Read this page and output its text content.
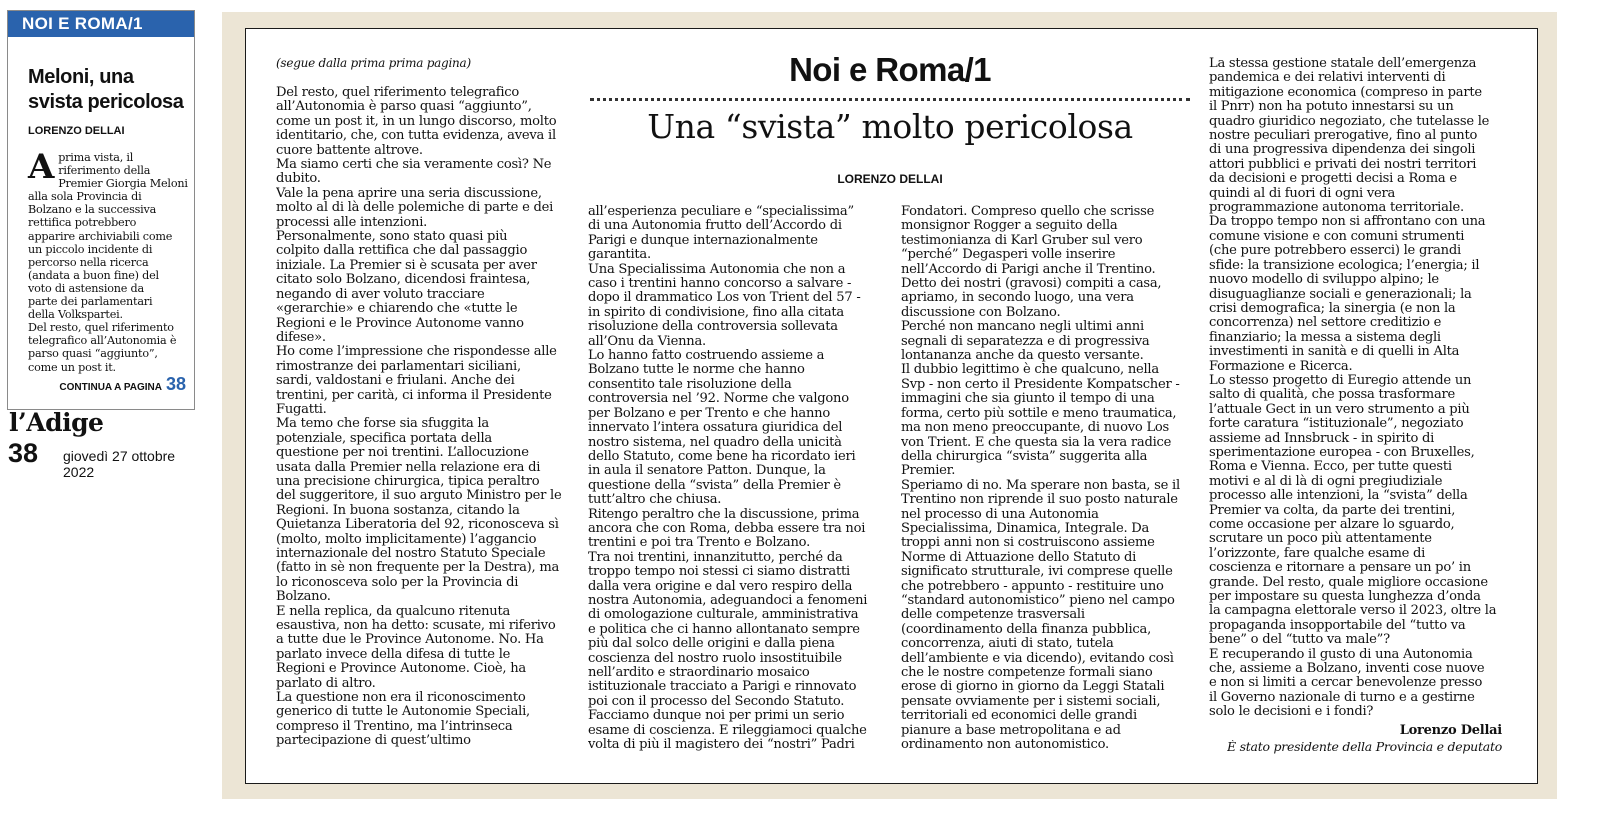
NOI E ROMA/1
Meloni, una svista pericolosa
LORENZO DELLAI
Aprima vista, il
riferimento della
Premier Giorgia Meloni
alla sola Provincia di
Bolzano e la successiva
rettifica potrebbero
apparire archiviabili come
un piccolo incidente di
percorso nella ricerca
(andata a buon fine) del
voto di astensione da
parte dei parlamentari
della Volkspartei.
Del resto, quel riferimento
telegrafico all’Autonomia è
parso quasi “aggiunto”,
come un post it.
CONTINUA A PAGINA 38
l’Adige
38 giovedì 27 ottobre 2022
(segue dalla prima prima pagina)
Del resto, quel riferimento telegrafico
all’Autonomia è parso quasi “aggiunto”,
come un post it, in un lungo discorso, molto
identitario, che, con tutta evidenza, aveva il
cuore battente altrove.
Ma siamo certi che sia veramente così? Ne
dubito.
Vale la pena aprire una seria discussione,
molto al di là delle polemiche di parte e dei
processi alle intenzioni.
Personalmente, sono stato quasi più
colpito dalla rettifica che dal passaggio
iniziale. La Premier si è scusata per aver
citato solo Bolzano, dicendosi fraintesa,
negando di aver voluto tracciare
«gerarchie» e chiarendo che «tutte le
Regioni e le Province Autonome vanno
difese».
Ho come l’impressione che rispondesse alle
rimostranze dei parlamentari siciliani,
sardi, valdostani e friulani. Anche dei
trentini, per carità, ci informa il Presidente
Fugatti.
Ma temo che forse sia sfuggita la
potenziale, specifica portata della
questione per noi trentini. L’allocuzione
usata dalla Premier nella relazione era di
una precisione chirurgica, tipica peraltro
del suggeritore, il suo arguto Ministro per le
Regioni. In buona sostanza, citando la
Quietanza Liberatoria del 92, riconosceva sì
(molto, molto implicitamente) l’aggancio
internazionale del nostro Statuto Speciale
(fatto in sè non frequente per la Destra), ma
lo riconosceva solo per la Provincia di
Bolzano.
E nella replica, da qualcuno ritenuta
esaustiva, non ha detto: scusate, mi riferivo
a tutte due le Province Autonome. No. Ha
parlato invece della difesa di tutte le
Regioni e Province Autonome. Cioè, ha
parlato di altro.
La questione non era il riconoscimento
generico di tutte le Autonomie Speciali,
compreso il Trentino, ma l’intrinseca
partecipazione di quest’ultimo
Noi e Roma/1
Una “svista” molto pericolosa
LORENZO DELLAI
all’esperienza peculiare e “specialissima”
di una Autonomia frutto dell’Accordo di
Parigi e dunque internazionalmente
garantita.
Una Specialissima Autonomia che non a
caso i trentini hanno concorso a salvare -
dopo il drammatico Los von Trient del 57 -
in spirito di condivisione, fino alla citata
risoluzione della controversia sollevata
all’Onu da Vienna.
Lo hanno fatto costruendo assieme a
Bolzano tutte le norme che hanno
consentito tale risoluzione della
controversia nel ’92. Norme che valgono
per Bolzano e per Trento e che hanno
innervato l’intera ossatura giuridica del
nostro sistema, nel quadro della unicità
dello Statuto, come bene ha ricordato ieri
in aula il senatore Patton. Dunque, la
questione della “svista” della Premier è
tutt’altro che chiusa.
Ritengo peraltro che la discussione, prima
ancora che con Roma, debba essere tra noi
trentini e poi tra Trento e Bolzano.
Tra noi trentini, innanzitutto, perché da
troppo tempo noi stessi ci siamo distratti
dalla vera origine e dal vero respiro della
nostra Autonomia, adeguandoci a fenomeni
di omologazione culturale, amministrativa
e politica che ci hanno allontanato sempre
più dal solco delle origini e dalla piena
coscienza del nostro ruolo insostituibile
nell’ardito e straordinario mosaico
istituzionale tracciato a Parigi e rinnovato
poi con il processo del Secondo Statuto.
Facciamo dunque noi per primi un serio
esame di coscienza. E rileggiamoci qualche
volta di più il magistero dei “nostri” Padri
Fondatori. Compreso quello che scrisse
monsignor Rogger a seguito della
testimonianza di Karl Gruber sul vero
“perché” Degasperi volle inserire
nell’Accordo di Parigi anche il Trentino.
Detto dei nostri (gravosi) compiti a casa,
apriamo, in secondo luogo, una vera
discussione con Bolzano.
Perché non mancano negli ultimi anni
segnali di separatezza e di progressiva
lontananza anche da questo versante.
Il dubbio legittimo è che qualcuno, nella
Svp - non certo il Presidente Kompatscher -
immagini che sia giunto il tempo di una
forma, certo più sottile e meno traumatica,
ma non meno preoccupante, di nuovo Los
von Trient. E che questa sia la vera radice
della chirurgica “svista” suggerita alla
Premier.
Speriamo di no. Ma sperare non basta, se il
Trentino non riprende il suo posto naturale
nel processo di una Autonomia
Specialissima, Dinamica, Integrale. Da
troppi anni non si costruiscono assieme
Norme di Attuazione dello Statuto di
significato strutturale, ivi comprese quelle
che potrebbero - appunto - restituire uno
“standard autonomistico” pieno nel campo
delle competenze trasversali
(coordinamento della finanza pubblica,
concorrenza, aiuti di stato, tutela
dell’ambiente e via dicendo), evitando così
che le nostre competenze formali siano
erose di giorno in giorno da Leggi Statali
pensate ovviamente per i sistemi sociali,
territoriali ed economici delle grandi
pianure a base metropolitana e ad
ordinamento non autonomistico.
La stessa gestione statale dell’emergenza
pandemica e dei relativi interventi di
mitigazione economica (compreso in parte
il Pnrr) non ha potuto innestarsi su un
quadro giuridico negoziato, che tutelasse le
nostre peculiari prerogative, fino al punto
di una progressiva dipendenza dei singoli
attori pubblici e privati dei nostri territori
da decisioni e progetti decisi a Roma e
quindi al di fuori di ogni vera
programmazione autonoma territoriale.
Da troppo tempo non si affrontano con una
comune visione e con comuni strumenti
(che pure potrebbero esserci) le grandi
sfide: la transizione ecologica; l’energia; il
nuovo modello di sviluppo alpino; le
disuguaglianze sociali e generazionali; la
crisi demografica; la sinergia (e non la
concorrenza) nel settore creditizio e
finanziario; la messa a sistema degli
investimenti in sanità e di quelli in Alta
Formazione e Ricerca.
Lo stesso progetto di Euregio attende un
salto di qualità, che possa trasformare
l’attuale Gect in un vero strumento a più
forte caratura “istituzionale”, negoziato
assieme ad Innsbruck - in spirito di
sperimentazione europea - con Bruxelles,
Roma e Vienna. Ecco, per tutte questi
motivi e al di là di ogni pregiudiziale
processo alle intenzioni, la “svista” della
Premier va colta, da parte dei trentini,
come occasione per alzare lo sguardo,
scrutare un poco più attentamente
l’orizzonte, fare qualche esame di
coscienza e ritornare a pensare un po’ in
grande. Del resto, quale migliore occasione
per impostare su questa lunghezza d’onda
la campagna elettorale verso il 2023, oltre la
propaganda insopportabile del “tutto va
bene” o del “tutto va male”?
E recuperando il gusto di una Autonomia
che, assieme a Bolzano, inventi cose nuove
e non si limiti a cercar benevolenze presso
il Governo nazionale di turno e a gestirne
solo le decisioni e i fondi?
Lorenzo Dellai
È stato presidente della Provincia e deputato
